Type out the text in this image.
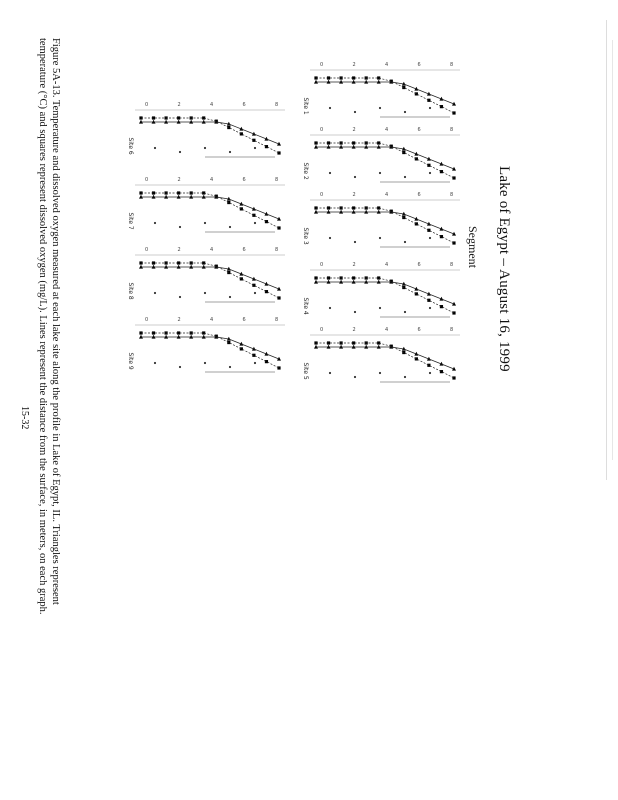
Lake of Egypt – August 16, 1999
Segment
Figure 5A-13. Temperature and dissolved oxygen measured at each lake site along the profile in Lake of Egypt, IL. Triangles represent
temperature (°C) and squares represent dissolved oxygen (mg/L). Lines represent the distance from the surface, in meters, on each graph.
15-32
0	2	4	6	8
Site 1
0	2	4	6	8
Site 2
0	2	4	6	8
Site 3
0	2	4	6	8
Site 4
0	2	4	6	8
Site 5
0	2	4	6	8
Site 6
0	2	4	6	8
Site 7
0	2	4	6	8
Site 8
0	2	4	6	8
Site 9
